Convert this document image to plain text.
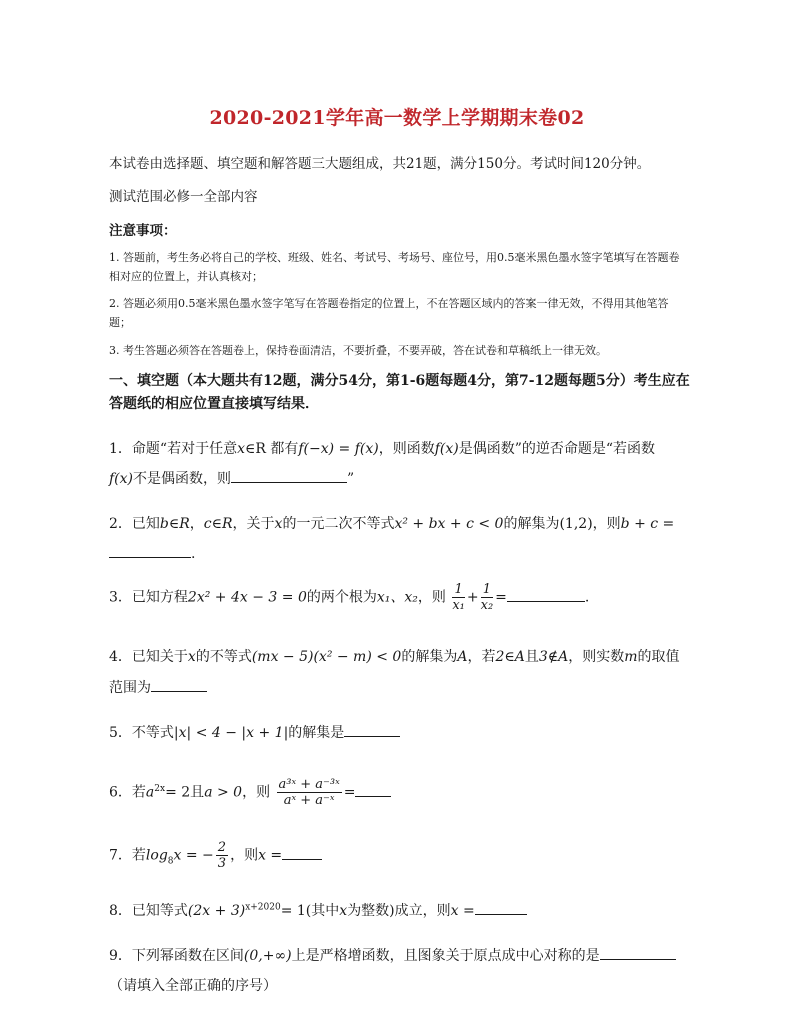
2020-2021学年高一数学上学期期末卷02
本试卷由选择题、填空题和解答题三大题组成，共21题，满分150分。考试时间120分钟。
测试范围必修一全部内容
注意事项：
1. 答题前，考生务必将自己的学校、班级、姓名、考试号、考场号、座位号，用0.5毫米黑色墨水签字笔填写在答题卷相对应的位置上，并认真核对；
2. 答题必须用0.5毫米黑色墨水签字笔写在答题卷指定的位置上，不在答题区域内的答案一律无效，不得用其他笔答题；
3. 考生答题必须答在答题卷上，保持卷面清洁，不要折叠，不要弄破，答在试卷和草稿纸上一律无效。
一、填空题（本大题共有12题，满分54分，第1-6题每题4分，第7-12题每题5分）考生应在答题纸的相应位置直接填写结果．
1．命题“若对于任意x∈R 都有f(−x) = f(x)，则函数f(x)是偶函数”的逆否命题是“若函数
f(x)不是偶函数，则	”
2．已知b∈R，c∈R，关于x的一元二次不等式x² + bx + c < 0的解集为(1,2)，则b + c =
.
3．已知方程2x² + 4x − 3 = 0的两个根为x₁、x₂，则 $\frac{1}{\text{x₁}} + \frac{1}{\text{x₂}}$ =	.
4．已知关于x的不等式(mx − 5)(x² − m) < 0的解集为A，若2∈A且3∉A，则实数m的取值
范围为
5．不等式|x| < 4 − |x + 1|的解集是
6．若$a^{2x}= 2$且a > 0，则 $\frac{\text{a³ˣ + a⁻³ˣ}}{\text{aˣ + a⁻ˣ}}$ =
7．若$\log_8x$ = − $\frac{2}{3}$ ，则x =
8．已知等式$(2x + 3)^{x+2020}= 1$(其中x为整数)成立，则x =
9．下列幂函数在区间(0,+∞)上是严格增函数，且图象关于原点成中心对称的是
（请填入全部正确的序号）
